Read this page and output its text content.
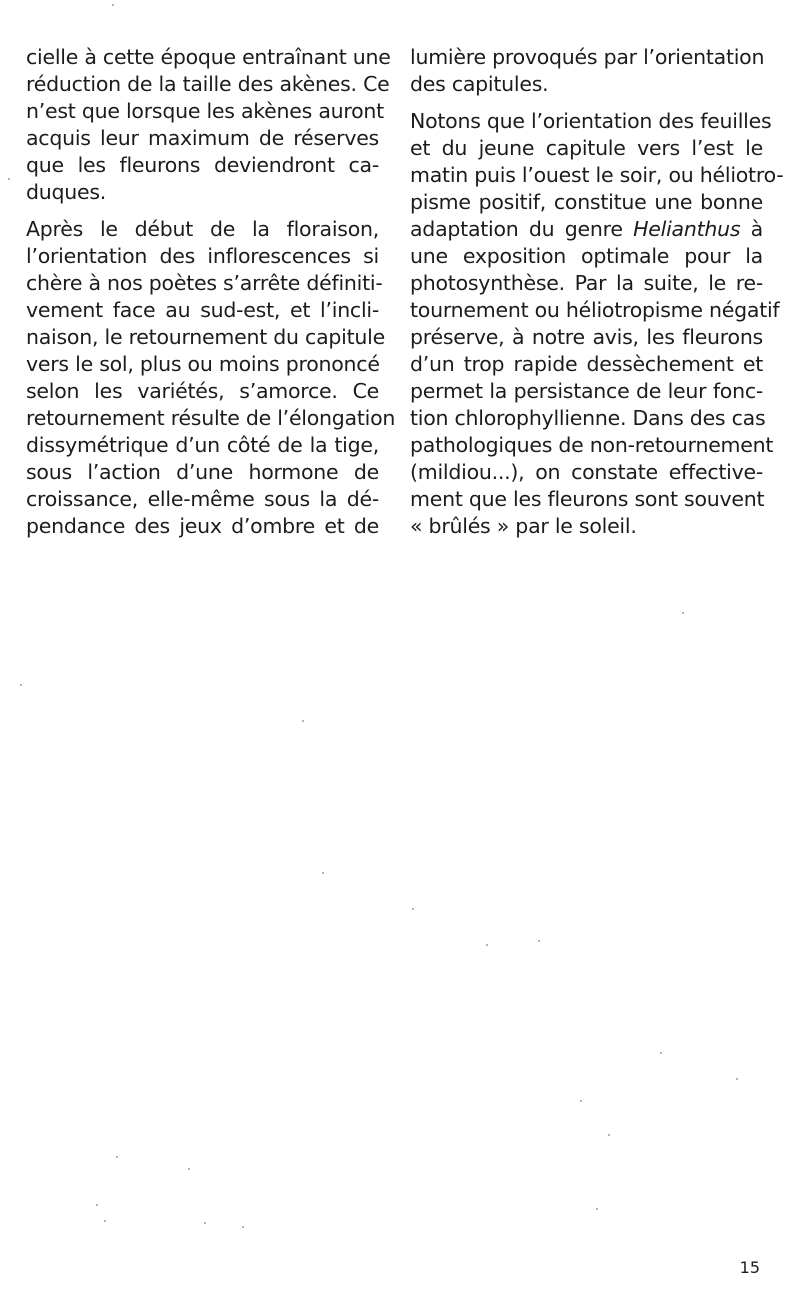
cielle à cette époque entraînant une
réduction de la taille des akènes. Ce
n’est que lorsque les akènes auront
acquis leur maximum de réserves
que les fleurons deviendront ca-
duques.
Après le début de la floraison,
l’orientation des inflorescences si
chère à nos poètes s’arrête définiti-
vement face au sud-est, et l’incli-
naison, le retournement du capitule
vers le sol, plus ou moins prononcé
selon les variétés, s’amorce. Ce
retournement résulte de l’élongation
dissymétrique d’un côté de la tige,
sous l’action d’une hormone de
croissance, elle-même sous la dé-
pendance des jeux d’ombre et de
lumière provoqués par l’orientation
des capitules.
Notons que l’orientation des feuilles
et du jeune capitule vers l’est le
matin puis l’ouest le soir, ou héliotro-
pisme positif, constitue une bonne
adaptation du genre Helianthus à
une exposition optimale pour la
photosynthèse. Par la suite, le re-
tournement ou héliotropisme négatif
préserve, à notre avis, les fleurons
d’un trop rapide dessèchement et
permet la persistance de leur fonc-
tion chlorophyllienne. Dans des cas
pathologiques de non-retournement
(mildiou...), on constate effective-
ment que les fleurons sont souvent
« brûlés » par le soleil.
15
